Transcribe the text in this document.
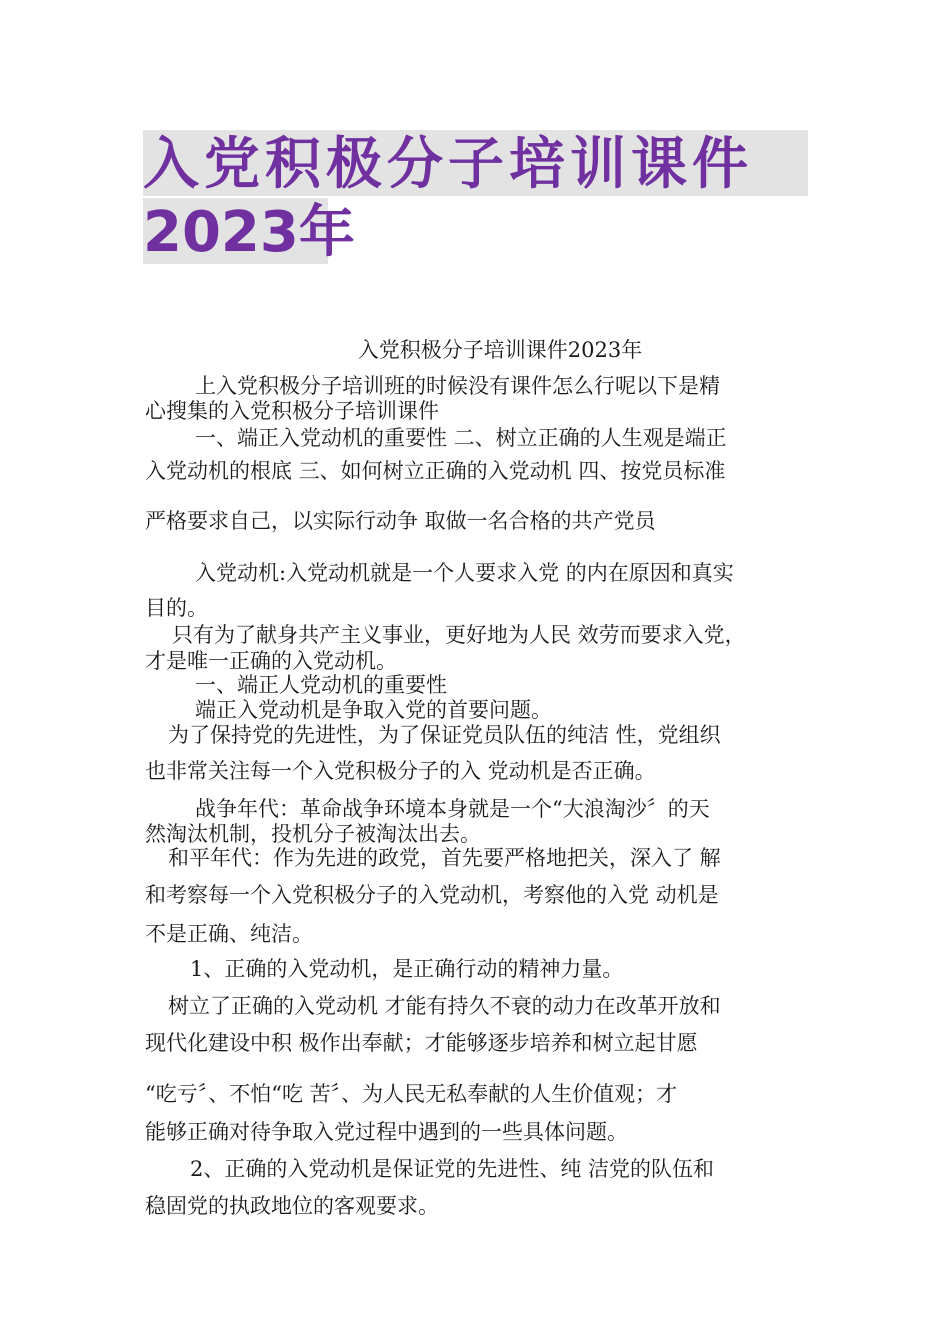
入党积极分子培训课件
2023年
入党积极分子培训课件2023年
上入党积极分子培训班的时候没有课件怎么行呢以下是精
心搜集的入党积极分子培训课件
一、端正入党动机的重要性 二、树立正确的人生观是端正
入党动机的根底 三、如何树立正确的入党动机 四、按党员标准
严格要求自己，以实际行动争 取做一名合格的共产党员
入党动机:入党动机就是一个人要求入党 的内在原因和真实
目的。
只有为了献身共产主义事业，更好地为人民 效劳而要求入党，
才是唯一正确的入党动机。
一、端正人党动机的重要性
端正入党动机是争取入党的首要问题。
为了保持党的先进性，为了保证党员队伍的纯洁 性，党组织
也非常关注每一个入党积极分子的入 党动机是否正确。
战争年代：革命战争环境本身就是一个“大浪淘沙〞的天
然淘汰机制，投机分子被淘汰出去。
和平年代：作为先进的政党，首先要严格地把关，深入了 解
和考察每一个入党积极分子的入党动机，考察他的入党 动机是
不是正确、纯洁。
1、正确的入党动机，是正确行动的精神力量。
树立了正确的入党动机 才能有持久不衰的动力在改革开放和
现代化建设中积 极作出奉献；才能够逐步培养和树立起甘愿
“吃亏〞、不怕“吃 苦〞、为人民无私奉献的人生价值观；才
能够正确对待争取入党过程中遇到的一些具体问题。
2、正确的入党动机是保证党的先进性、纯 洁党的队伍和
稳固党的执政地位的客观要求。
